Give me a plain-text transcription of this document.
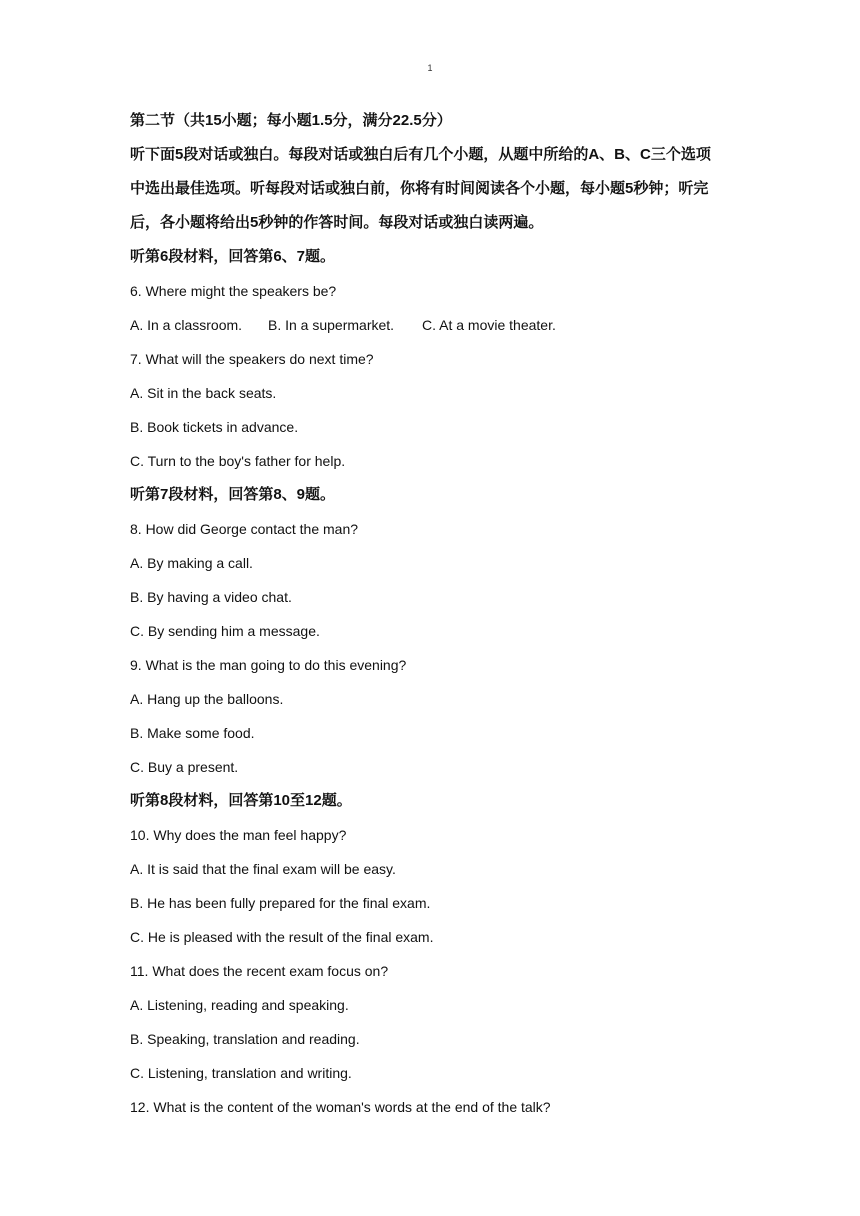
1
第二节（共15小题；每小题1.5分，满分22.5分）
听下面5段对话或独白。每段对话或独白后有几个小题，从题中所给的A、B、C三个选项
中选出最佳选项。听每段对话或独白前，你将有时间阅读各个小题，每小题5秒钟；听完
后，各小题将给出5秒钟的作答时间。每段对话或独白读两遍。
听第6段材料，回答第6、7题。
6. Where might the speakers be?
A. In a classroom.	B. In a supermarket.	C. At a movie theater.
7. What will the speakers do next time?
A. Sit in the back seats.
B. Book tickets in advance.
C. Turn to the boy's father for help.
听第7段材料，回答第8、9题。
8. How did George contact the man?
A. By making a call.
B. By having a video chat.
C. By sending him a message.
9. What is the man going to do this evening?
A. Hang up the balloons.
B. Make some food.
C. Buy a present.
听第8段材料，回答第10至12题。
10. Why does the man feel happy?
A. It is said that the final exam will be easy.
B. He has been fully prepared for the final exam.
C. He is pleased with the result of the final exam.
11. What does the recent exam focus on?
A. Listening, reading and speaking.
B. Speaking, translation and reading.
C. Listening, translation and writing.
12. What is the content of the woman's words at the end of the talk?
